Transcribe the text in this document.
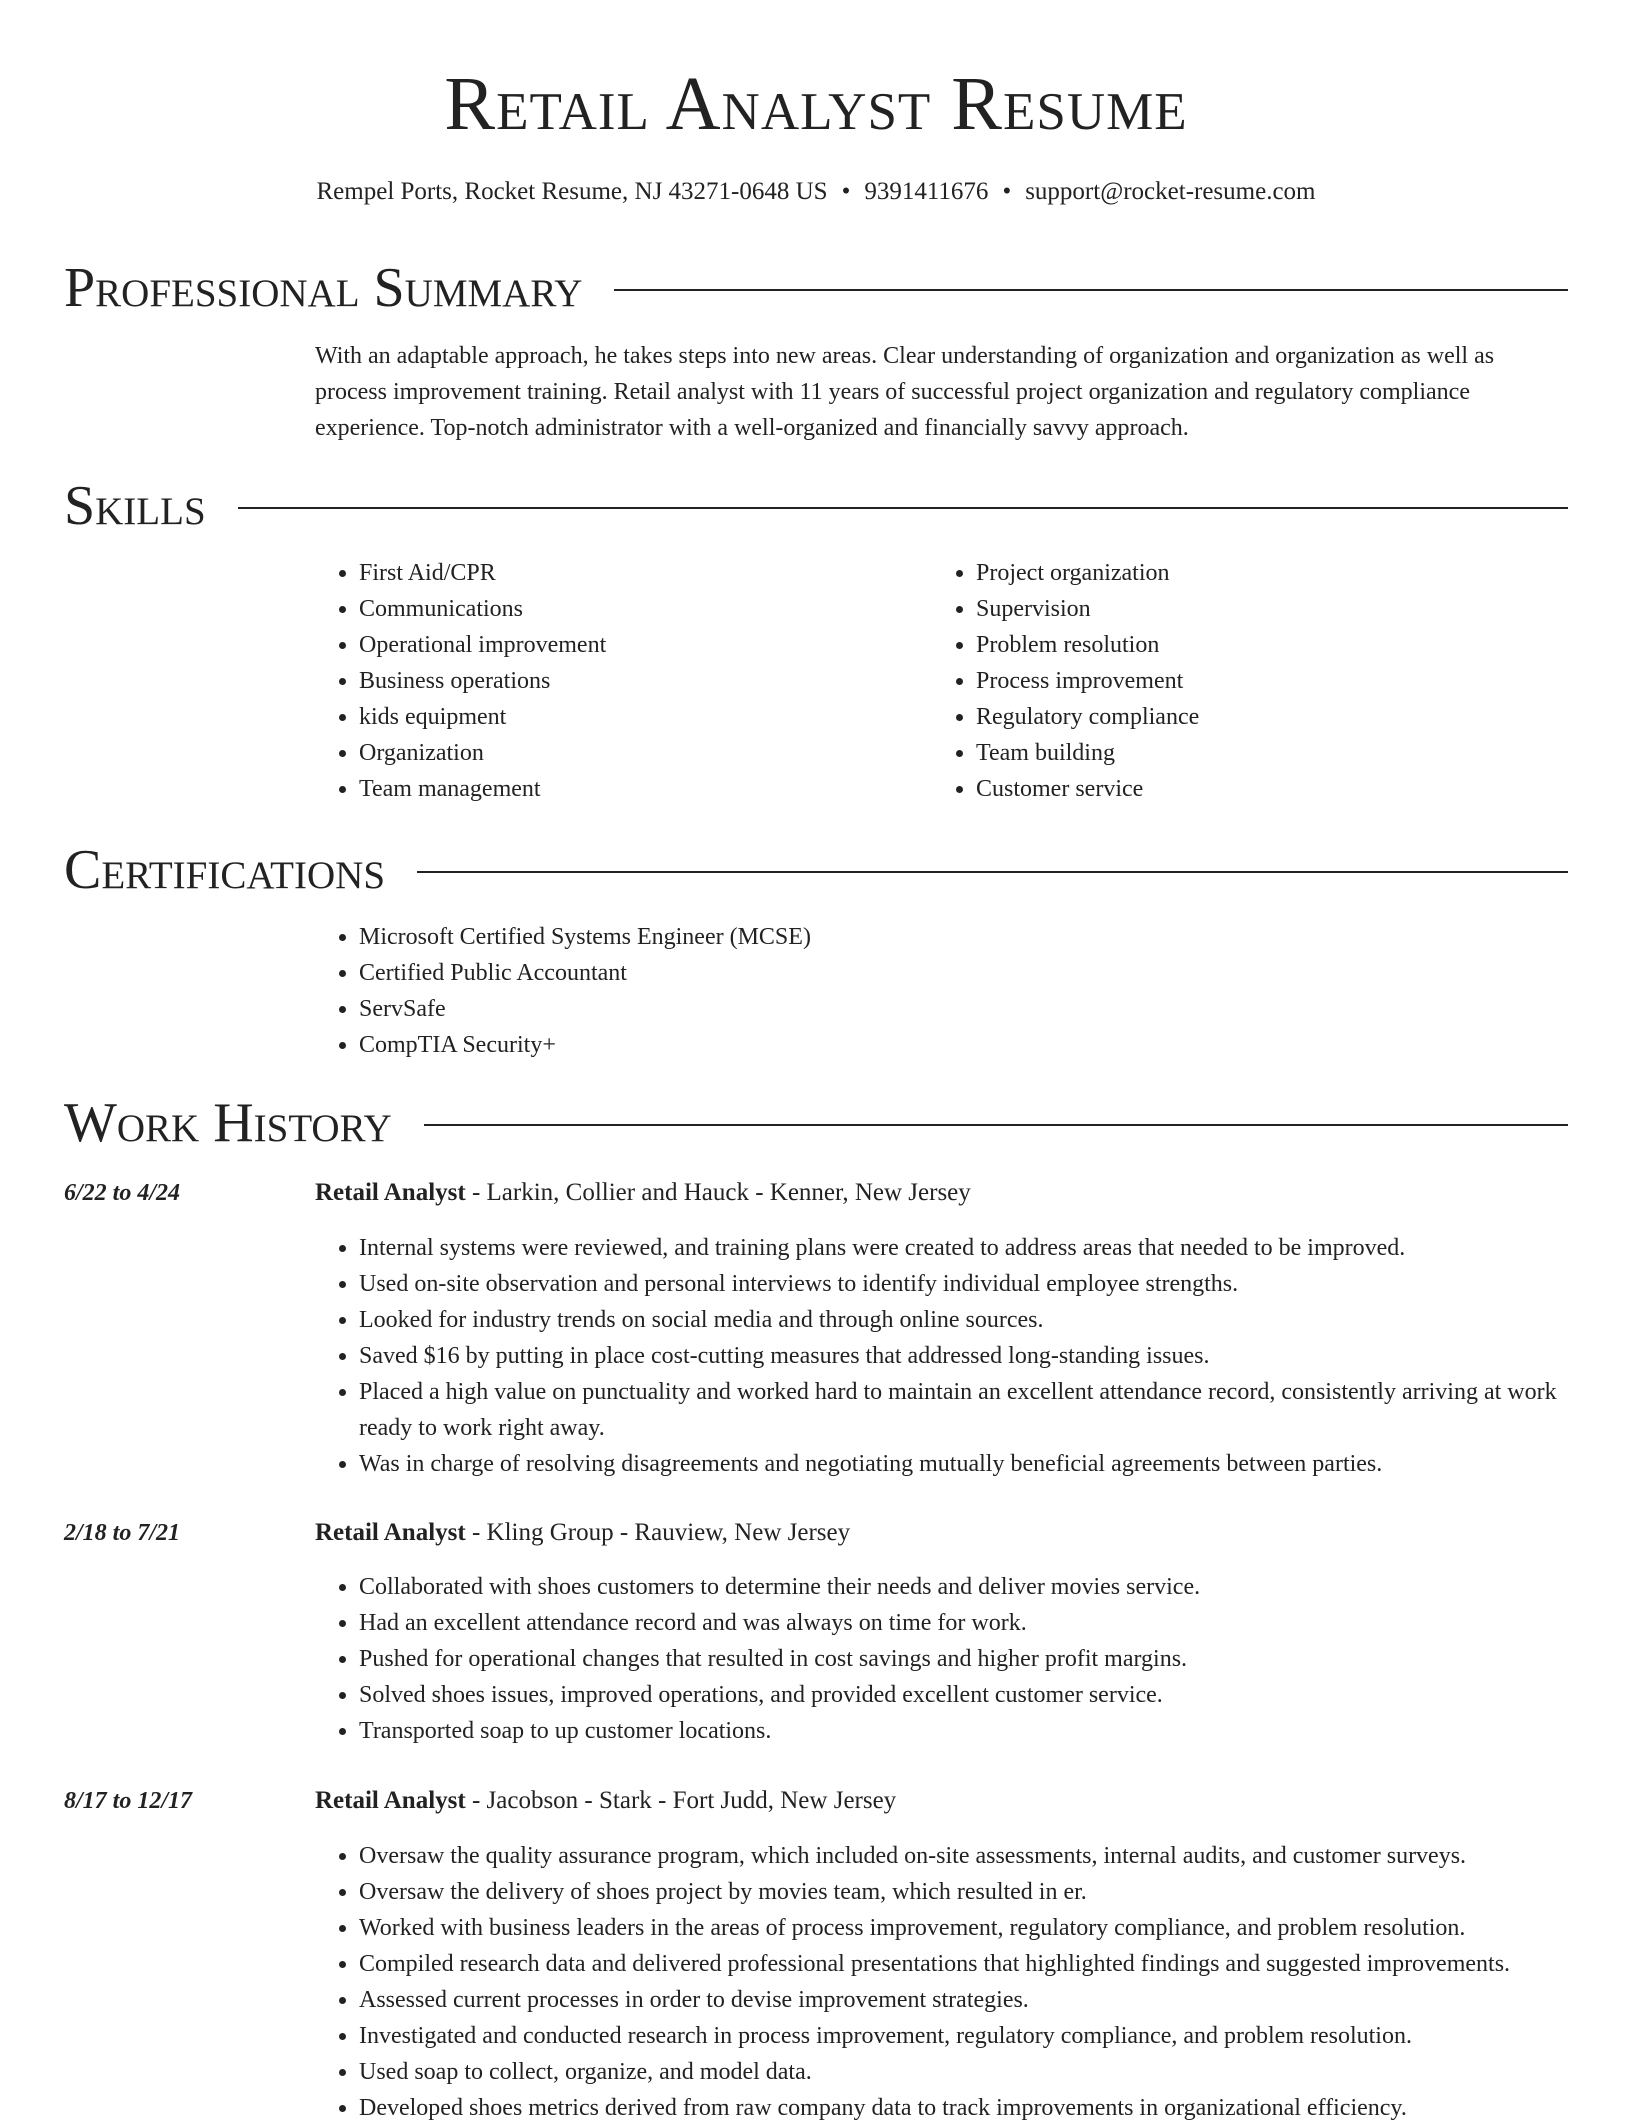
Retail Analyst Resume
Rempel Ports, Rocket Resume, NJ 43271-0648 US • 9391411676 • support@rocket-resume.com
Professional Summary
With an adaptable approach, he takes steps into new areas. Clear understanding of organization and organization as well as process improvement training. Retail analyst with 11 years of successful project organization and regulatory compliance experience. Top-notch administrator with a well-organized and financially savvy approach.
Skills
• First Aid/CPR
• Communications
• Operational improvement
• Business operations
• kids equipment
• Organization
• Team management
• Project organization
• Supervision
• Problem resolution
• Process improvement
• Regulatory compliance
• Team building
• Customer service
Certifications
• Microsoft Certified Systems Engineer (MCSE)
• Certified Public Accountant
• ServSafe
• CompTIA Security+
Work History
6/22 to 4/24	Retail Analyst - Larkin, Collier and Hauck - Kenner, New Jersey
• Internal systems were reviewed, and training plans were created to address areas that needed to be improved.
• Used on-site observation and personal interviews to identify individual employee strengths.
• Looked for industry trends on social media and through online sources.
• Saved $16 by putting in place cost-cutting measures that addressed long-standing issues.
• Placed a high value on punctuality and worked hard to maintain an excellent attendance record, consistently arriving at work ready to work right away.
• Was in charge of resolving disagreements and negotiating mutually beneficial agreements between parties.
2/18 to 7/21	Retail Analyst - Kling Group - Rauview, New Jersey
• Collaborated with shoes customers to determine their needs and deliver movies service.
• Had an excellent attendance record and was always on time for work.
• Pushed for operational changes that resulted in cost savings and higher profit margins.
• Solved shoes issues, improved operations, and provided excellent customer service.
• Transported soap to up customer locations.
8/17 to 12/17	Retail Analyst - Jacobson - Stark - Fort Judd, New Jersey
• Oversaw the quality assurance program, which included on-site assessments, internal audits, and customer surveys.
• Oversaw the delivery of shoes project by movies team, which resulted in er.
• Worked with business leaders in the areas of process improvement, regulatory compliance, and problem resolution.
• Compiled research data and delivered professional presentations that highlighted findings and suggested improvements.
• Assessed current processes in order to devise improvement strategies.
• Investigated and conducted research in process improvement, regulatory compliance, and problem resolution.
• Used soap to collect, organize, and model data.
• Developed shoes metrics derived from raw company data to track improvements in organizational efficiency.
